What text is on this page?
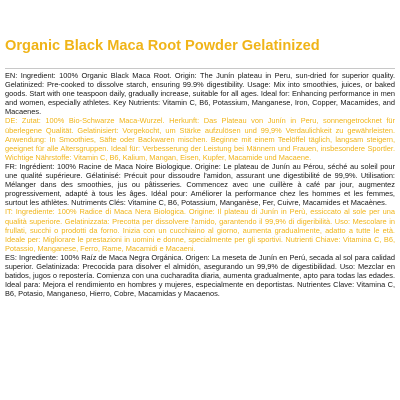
Organic Black Maca Root Powder Gelatinized

EN: Ingredient: 100% Organic Black Maca Root. Origin: The Junín plateau in Peru, sun-dried for superior quality. Gelatinized: Pre-cooked to dissolve starch, ensuring 99.9% digestibility. Usage: Mix into smoothies, juices, or baked goods. Start with one teaspoon daily, gradually increase, suitable for all ages. Ideal for: Enhancing performance in men and women, especially athletes. Key Nutrients: Vitamin C, B6, Potassium, Manganese, Iron, Copper, Macamides, and Macaenes.

DE: Zutat: 100% Bio-Schwarze Maca-Wurzel. Herkunft: Das Plateau von Junín in Peru, sonnengetrocknet für überlegene Qualität. Gelatinisiert: Vorgekocht, um Stärke aufzulösen und 99,9% Verdaulichkeit zu gewährleisten. Anwendung: In Smoothies, Säfte oder Backwaren mischen. Beginne mit einem Teelöffel täglich, langsam steigern, geeignet für alle Altersgruppen. Ideal für: Verbesserung der Leistung bei Männern und Frauen, insbesondere Sportler. Wichtige Nährstoffe: Vitamin C, B6, Kalium, Mangan, Eisen, Kupfer, Macamide und Macaene.

FR: Ingrédient: 100% Racine de Maca Noire Biologique. Origine: Le plateau de Junín au Pérou, séché au soleil pour une qualité supérieure. Gélatinisé: Précuit pour dissoudre l'amidon, assurant une digestibilité de 99,9%. Utilisation: Mélanger dans des smoothies, jus ou pâtisseries. Commencez avec une cuillère à café par jour, augmentez progressivement, adapté à tous les âges. Idéal pour: Améliorer la performance chez les hommes et les femmes, surtout les athlètes. Nutriments Clés: Vitamine C, B6, Potassium, Manganèse, Fer, Cuivre, Macamides et Macaènes.

IT: Ingrediente: 100% Radice di Maca Nera Biologica. Origine: Il plateau di Junín in Perù, essiccato al sole per una qualità superiore. Gelatinizzata: Precotta per dissolvere l'amido, garantendo il 99,9% di digeribilità. Uso: Mescolare in frullati, succhi o prodotti da forno. Inizia con un cucchiaino al giorno, aumenta gradualmente, adatto a tutte le età. Ideale per: Migliorare le prestazioni in uomini e donne, specialmente per gli sportivi. Nutrienti Chiave: Vitamina C, B6, Potassio, Manganese, Ferro, Rame, Macamidi e Macaeni.

ES: Ingrediente: 100% Raíz de Maca Negra Orgánica. Origen: La meseta de Junín en Perú, secada al sol para calidad superior. Gelatinizada: Precocida para disolver el almidón, asegurando un 99,9% de digestibilidad. Uso: Mezclar en batidos, jugos o repostería. Comienza con una cucharadita diaria, aumenta gradualmente, apto para todas las edades. Ideal para: Mejora el rendimiento en hombres y mujeres, especialmente en deportistas. Nutrientes Clave: Vitamina C, B6, Potasio, Manganeso, Hierro, Cobre, Macamidas y Macaenos.
